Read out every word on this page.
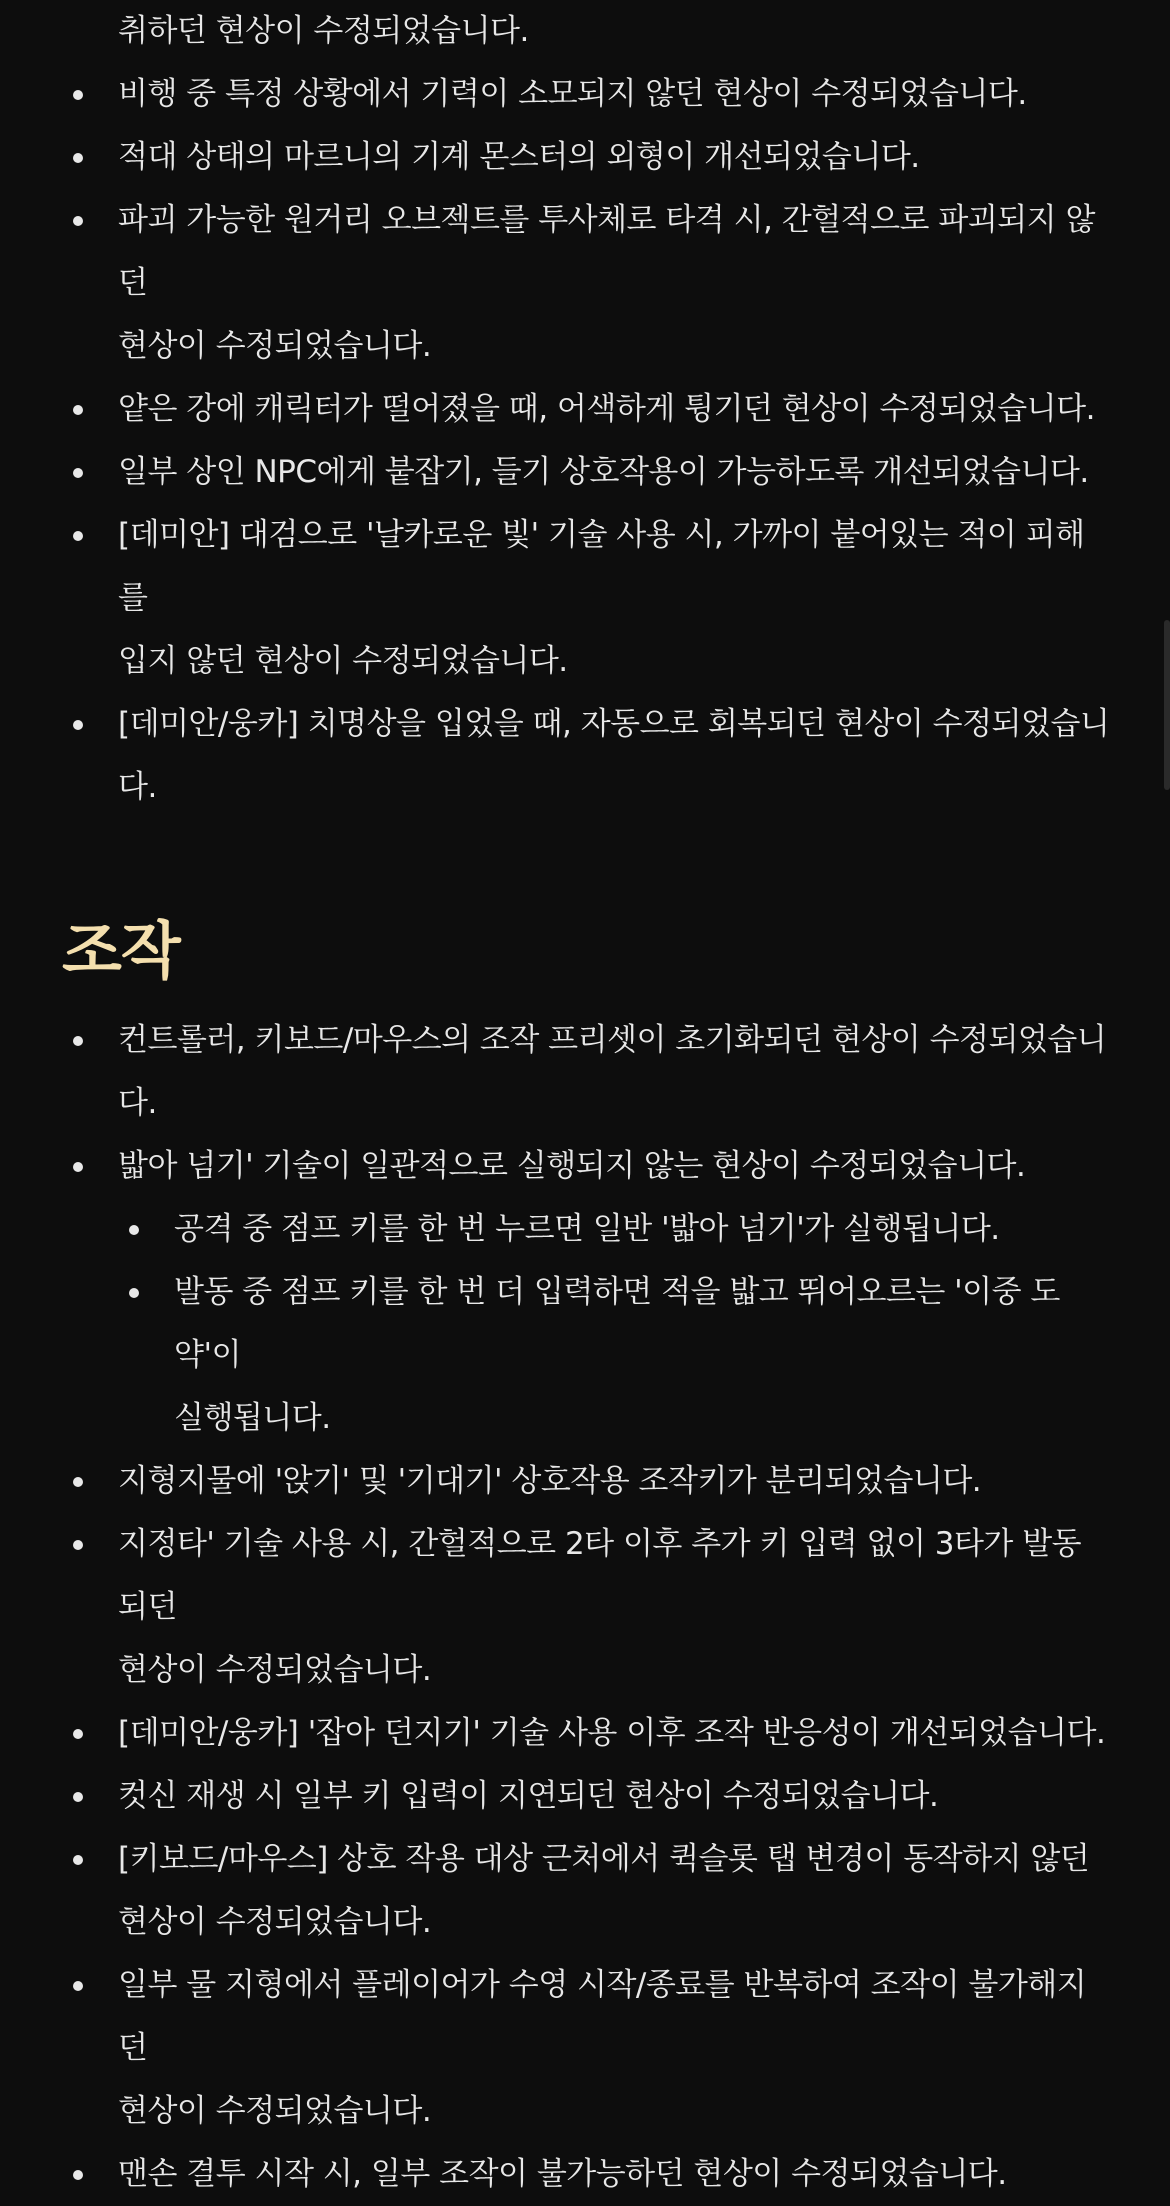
취하던 현상이 수정되었습니다.
비행 중 특정 상황에서 기력이 소모되지 않던 현상이 수정되었습니다.
적대 상태의 마르니의 기계 몬스터의 외형이 개선되었습니다.
파괴 가능한 원거리 오브젝트를 투사체로 타격 시, 간헐적으로 파괴되지 않던
현상이 수정되었습니다.
얕은 강에 캐릭터가 떨어졌을 때, 어색하게 튕기던 현상이 수정되었습니다.
일부 상인 NPC에게 붙잡기, 들기 상호작용이 가능하도록 개선되었습니다.
[데미안] 대검으로 '날카로운 빛' 기술 사용 시, 가까이 붙어있는 적이 피해를
입지 않던 현상이 수정되었습니다.
[데미안/웅카] 치명상을 입었을 때, 자동으로 회복되던 현상이 수정되었습니다.
조작
컨트롤러, 키보드/마우스의 조작 프리셋이 초기화되던 현상이 수정되었습니다.
밟아 넘기' 기술이 일관적으로 실행되지 않는 현상이 수정되었습니다.
공격 중 점프 키를 한 번 누르면 일반 '밟아 넘기'가 실행됩니다.
발동 중 점프 키를 한 번 더 입력하면 적을 밟고 뛰어오르는 '이중 도약'이
실행됩니다.
지형지물에 '앉기' 및 '기대기' 상호작용 조작키가 분리되었습니다.
지정타' 기술 사용 시, 간헐적으로 2타 이후 추가 키 입력 없이 3타가 발동되던
현상이 수정되었습니다.
[데미안/웅카] '잡아 던지기' 기술 사용 이후 조작 반응성이 개선되었습니다.
컷신 재생 시 일부 키 입력이 지연되던 현상이 수정되었습니다.
[키보드/마우스] 상호 작용 대상 근처에서 퀵슬롯 탭 변경이 동작하지 않던
현상이 수정되었습니다.
일부 물 지형에서 플레이어가 수영 시작/종료를 반복하여 조작이 불가해지던
현상이 수정되었습니다.
맨손 결투 시작 시, 일부 조작이 불가능하던 현상이 수정되었습니다.
